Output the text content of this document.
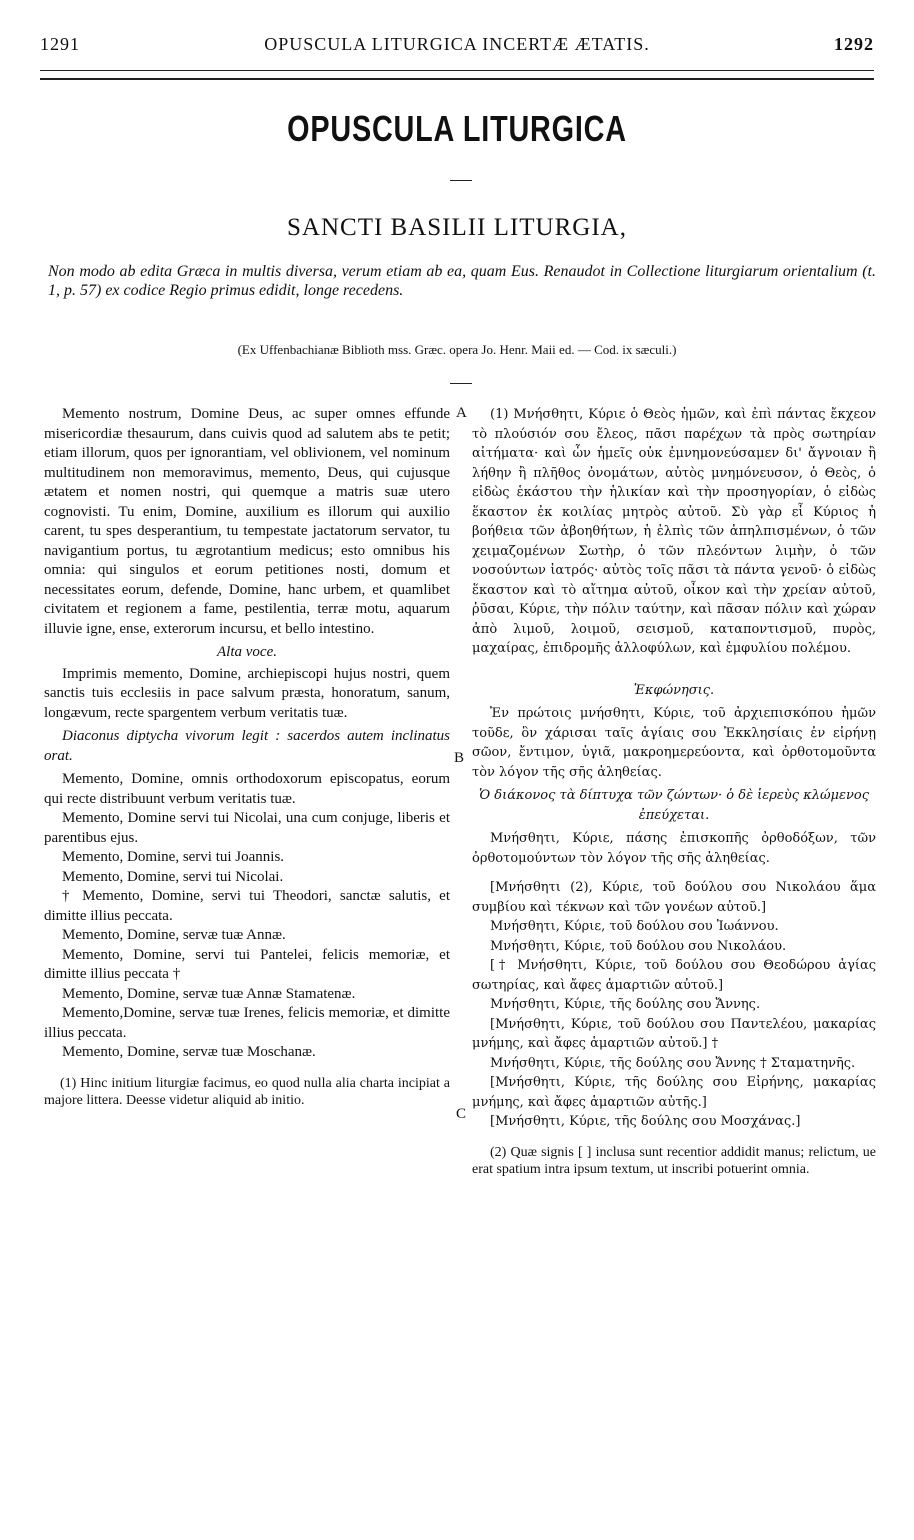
1291	OPUSCULA LITURGICA INCERTÆ ÆTATIS.	1292
OPUSCULA LITURGICA
SANCTI BASILII LITURGIA,
Non modo ab edita Græca in multis diversa, verum etiam ab ea, quam Eus. Renaudot in Collectione liturgiarum orientalium (t. 1, p. 57) ex codice Regio primus edidit, longe recedens.
(Ex Uffenbachianæ Biblioth mss. Græc. opera Jo. Henr. Maii ed. — Cod. ix sæculi.)
A
B
C

Memento nostrum, Domine Deus, ac super omnes effunde misericordiæ thesaurum, dans cuivis quod ad salutem abs te petit; etiam illorum, quos per ignorantiam, vel oblivionem, vel nominum multitudinem non memoravimus, memento, Deus, qui cujusque ætatem et nomen nostri, qui quemque a matris suæ utero cognovisti. Tu enim, Domine, auxilium es illorum qui auxilio carent, tu spes desperantium, tu tempestate jactatorum servator, tu navigantium portus, tu ægrotantium medicus; esto omnibus his omnia: qui singulos et eorum petitiones nosti, domum et necessitates eorum, defende, Domine, hanc urbem, et quamlibet civitatem et regionem a fame, pestilentia, terræ motu, aquarum illuvie igne, ense, exterorum incursu, et bello intestino.

Alta voce.

Imprimis memento, Domine, archiepiscopi hujus nostri, quem sanctis tuis ecclesiis in pace salvum præsta, honoratum, sanum, longævum, recte spargentem verbum veritatis tuæ.

Diaconus diptycha vivorum legit : sacerdos autem inclinatus orat.

Memento, Domine, omnis orthodoxorum episcopatus, eorum qui recte distribuunt verbum veritatis tuæ.

Memento, Domine servi tui Nicolai, una cum conjuge, liberis et parentibus ejus.

Memento, Domine, servi tui Joannis.

Memento, Domine, servi tui Nicolai.

† Memento, Domine, servi tui Theodori, sanctæ salutis, et dimitte illius peccata.

Memento, Domine, servæ tuæ Annæ.

Memento, Domine, servi tui Pantelei, felicis memoriæ, et dimitte illius peccata †

Memento, Domine, servæ tuæ Annæ Stamatenæ.

Memento,Domine, servæ tuæ Irenes, felicis memoriæ, et dimitte illius peccata.

Memento, Domine, servæ tuæ Moschanæ.

(1) Hinc initium liturgiæ facimus, eo quod nulla alia charta incipiat a majore littera. Deesse videtur aliquid ab initio.

(1) Μνήσθητι, Κύριε ὁ Θεὸς ἡμῶν, καὶ ἐπὶ πάντας ἔκχεον τὸ πλούσιόν σου ἔλεος, πᾶσι παρέχων τὰ πρὸς σωτηρίαν αἰτήματα· καὶ ὧν ἡμεῖς οὐκ ἐμνημονεύσαμεν δι' ἄγνοιαν ἢ λήθην ἢ πλῆθος ὀνομάτων, αὐτὸς μνημόνευσον, ὁ Θεὸς, ὁ εἰδὼς ἑκάστου τὴν ἡλικίαν καὶ τὴν προσηγορίαν, ὁ εἰδὼς ἕκαστον ἐκ κοιλίας μητρὸς αὐτοῦ. Σὺ γὰρ εἶ Κύριος ἡ βοήθεια τῶν ἀβοηθήτων, ἡ ἐλπὶς τῶν ἀπηλπισμένων, ὁ τῶν χειμαζομένων Σωτὴρ, ὁ τῶν πλεόντων λιμὴν, ὁ τῶν νοσούντων ἰατρός· αὐτὸς τοῖς πᾶσι τὰ πάντα γενοῦ· ὁ εἰδὼς ἕκαστον καὶ τὸ αἴτημα αὐτοῦ, οἶκον καὶ τὴν χρείαν αὐτοῦ, ῥῦσαι, Κύριε, τὴν πόλιν ταύτην, καὶ πᾶσαν πόλιν καὶ χώραν ἀπὸ λιμοῦ, λοιμοῦ, σεισμοῦ, καταποντισμοῦ, πυρὸς, μαχαίρας, ἐπιδρομῆς ἀλλοφύλων, καὶ ἐμφυλίου πολέμου.

Ἐκφώνησις.

Ἐν πρώτοις μνήσθητι, Κύριε, τοῦ ἀρχιεπισκόπου ἡμῶν τοῦδε, ὃν χάρισαι ταῖς ἁγίαις σου Ἐκκλησίαις ἐν εἰρήνῃ σῶον, ἔντιμον, ὑγιᾶ, μακροημερεύοντα, καὶ ὀρθοτομοῦντα τὸν λόγον τῆς σῆς ἀληθείας.

Ὁ διάκονος τὰ δίπτυχα τῶν ζώντων· ὁ δὲ ἱερεὺς κλώμενος ἐπεύχεται.

Μνήσθητι, Κύριε, πάσης ἐπισκοπῆς ὀρθοδόξων, τῶν ὀρθοτομούντων τὸν λόγον τῆς σῆς ἀληθείας.

[Μνήσθητι (2), Κύριε, τοῦ δούλου σου Νικολάου ἅμα συμβίου καὶ τέκνων καὶ τῶν γονέων αὐτοῦ.]

Μνήσθητι, Κύριε, τοῦ δούλου σου Ἰωάννου.

Μνήσθητι, Κύριε, τοῦ δούλου σου Νικολάου.

[† Μνήσθητι, Κύριε, τοῦ δούλου σου Θεοδώρου ἁγίας σωτηρίας, καὶ ἄφες ἁμαρτιῶν αὐτοῦ.]

Μνήσθητι, Κύριε, τῆς δούλης σου Ἄννης.

[Μνήσθητι, Κύριε, τοῦ δούλου σου Παντελέου, μακαρίας μνήμης, καὶ ἄφες ἁμαρτιῶν αὐτοῦ.] †

Μνήσθητι, Κύριε, τῆς δούλης σου Ἄννης † Σταματηνῆς.

[Μνήσθητι, Κύριε, τῆς δούλης σου Εἰρήνης, μακαρίας μνήμης, καὶ ἄφες ἁμαρτιῶν αὐτῆς.]

[Μνήσθητι, Κύριε, τῆς δούλης σου Μοσχάνας.]

(2) Quæ signis [ ] inclusa sunt recentior addidit manus; relictum, ue erat spatium intra ipsum textum, ut inscribi potuerint omnia.
